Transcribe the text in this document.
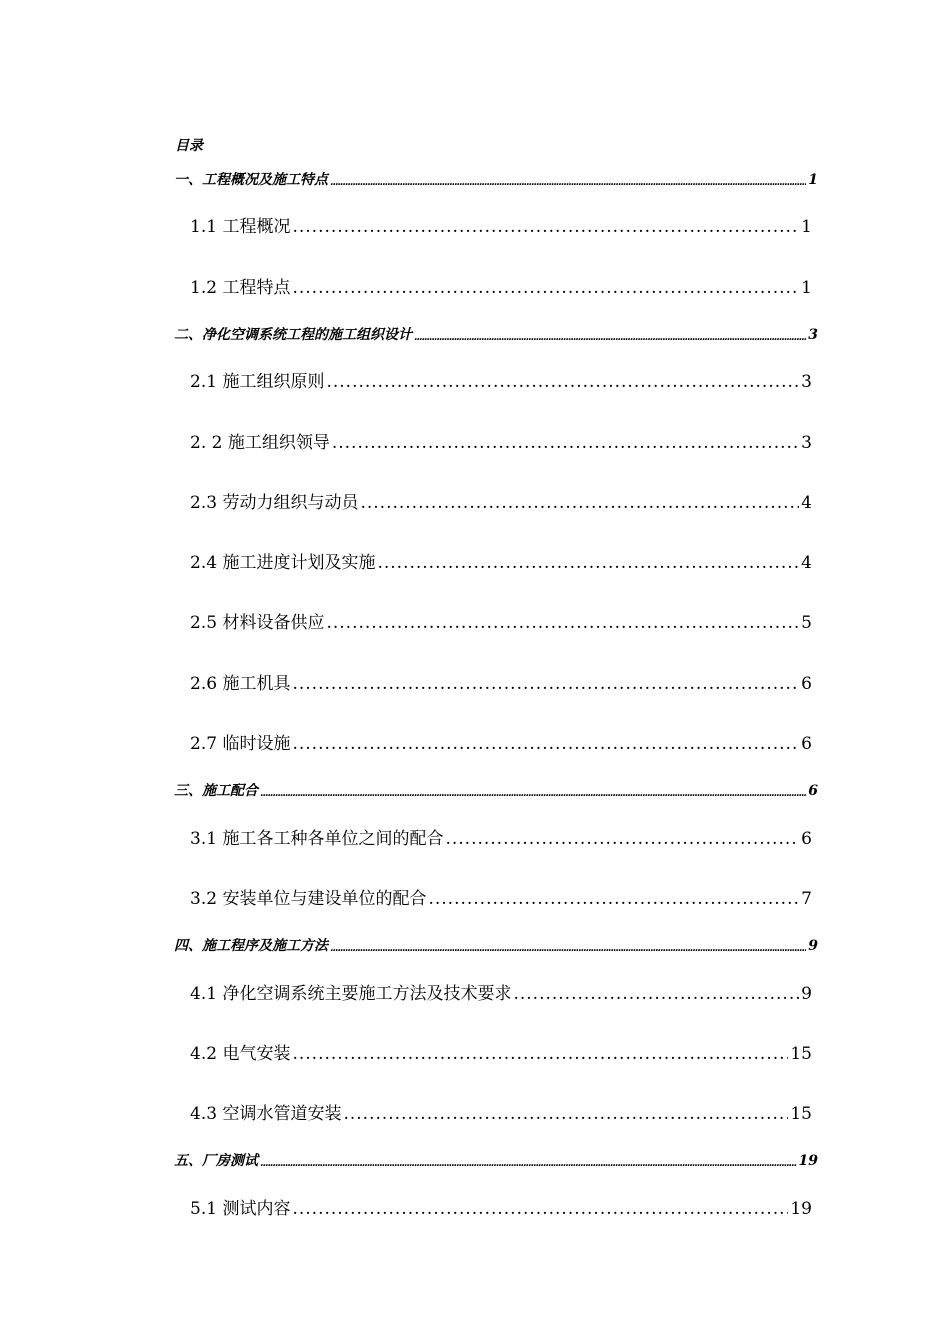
目录
一、工程概况及施工特点 .....	1
1.1 工程概况 .....	1
1.2 工程特点 .....	1
二、净化空调系统工程的施工组织设计 .....	3
2.1 施工组织原则 .....	3
2. 2 施工组织领导 .....	3
2.3 劳动力组织与动员 .....	4
2.4 施工进度计划及实施 .....	4
2.5 材料设备供应 .....	5
2.6 施工机具 .....	6
2.7 临时设施 .....	6
三、施工配合 .....	6
3.1 施工各工种各单位之间的配合 .....	6
3.2 安装单位与建设单位的配合 .....	7
四、施工程序及施工方法 .....	9
4.1 净化空调系统主要施工方法及技术要求 .....	9
4.2 电气安装 .....	15
4.3 空调水管道安装 .....	15
五、厂房测试 .....	19
5.1 测试内容 .....	19
